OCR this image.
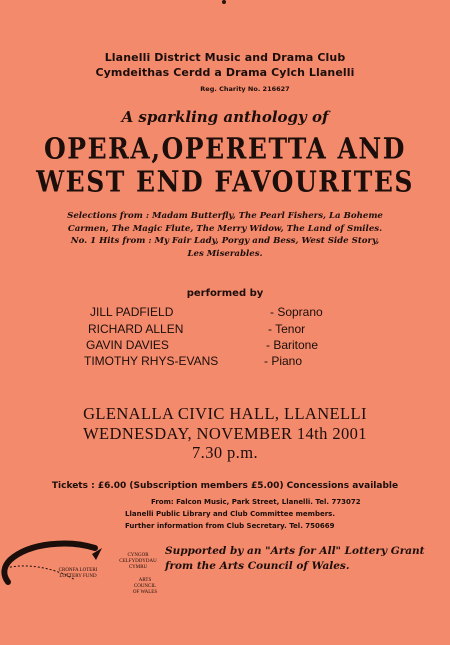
Llanelli District Music and Drama Club
Cymdeithas Cerdd a Drama Cylch Llanelli
Reg. Charity No. 216627
A sparkling anthology of
OPERA,OPERETTA AND
WEST END FAVOURITES
Selections from : Madam Butterfly, The Pearl Fishers, La Boheme
Carmen, The Magic Flute, The Merry Widow, The Land of Smiles.
No. 1 Hits from : My Fair Lady, Porgy and Bess, West Side Story,
Les Miserables.
performed by
JILL PADFIELD	- Soprano
RICHARD ALLEN	- Tenor
GAVIN DAVIES	- Baritone
TIMOTHY RHYS-EVANS	- Piano
GLENALLA CIVIC HALL, LLANELLI
WEDNESDAY, NOVEMBER 14th 2001
7.30 p.m.
Tickets : £6.00 (Subscription members £5.00) Concessions available
From: Falcon Music, Park Street, Llanelli. Tel. 773072
Llanelli Public Library and Club Committee members.
Further information from Club Secretary. Tel. 750669
CRONFA LOTERI
LOTTERY FUND
CYNGOR
CELFYDDYDAU
CYMRU
ARTS
COUNCIL
OF WALES
Supported by an "Arts for All" Lottery Grant
from the Arts Council of Wales.
